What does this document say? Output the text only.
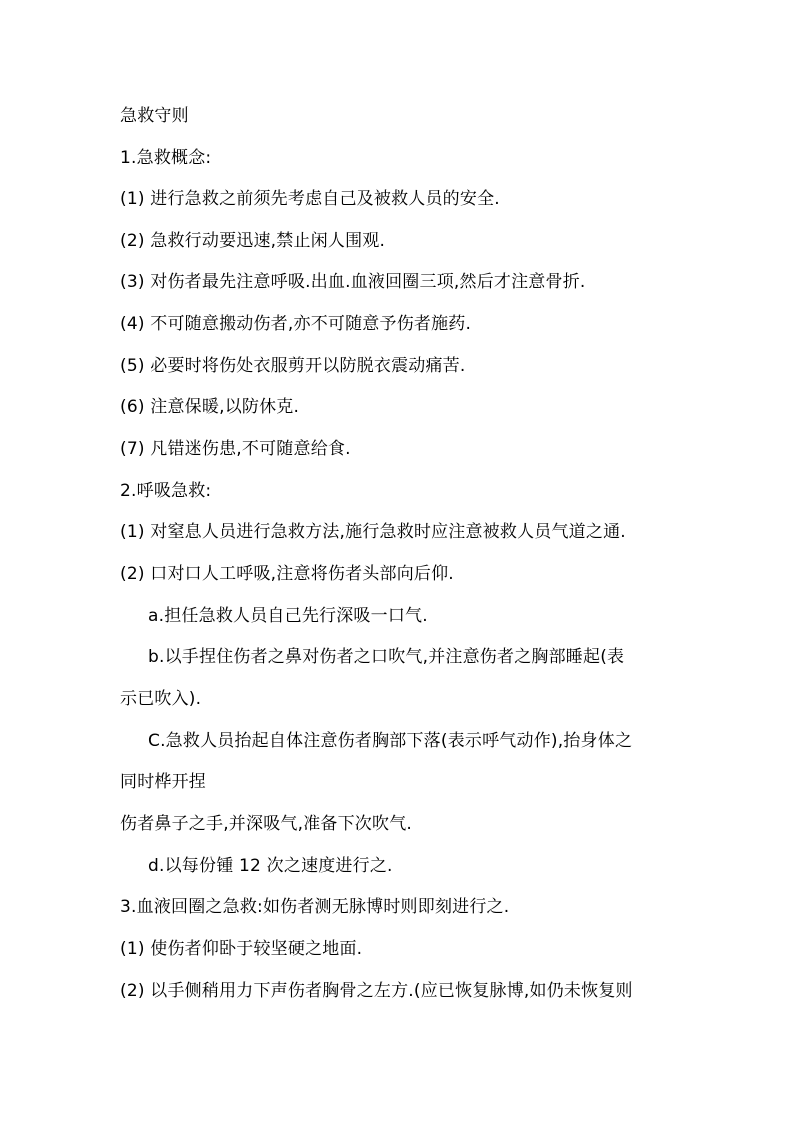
急救守则
1.急救概念:
(1) 进行急救之前须先考虑自己及被救人员的安全.
(2) 急救行动要迅速,禁止闲人围观.
(3) 对伤者最先注意呼吸.出血.血液回圈三项,然后才注意骨折.
(4) 不可随意搬动伤者,亦不可随意予伤者施药.
(5) 必要时将伤处衣服剪开以防脱衣震动痛苦.
(6) 注意保暖,以防休克.
(7) 凡错迷伤患,不可随意给食.
2.呼吸急救:
(1) 对窒息人员进行急救方法,施行急救时应注意被救人员气道之通.
(2) 口对口人工呼吸,注意将伤者头部向后仰.
a.担任急救人员自己先行深吸一口气.
b.以手捏住伤者之鼻对伤者之口吹气,并注意伤者之胸部睡起(表
示已吹入).
C.急救人员抬起自体注意伤者胸部下落(表示呼气动作),抬身体之
同时桦开捏
伤者鼻子之手,并深吸气,准备下次吹气.
d.以每份锺 12 次之速度进行之.
3.血液回圈之急救:如伤者测无脉博时则即刻进行之.
(1) 使伤者仰卧于较坚硬之地面.
(2) 以手侧稍用力下声伤者胸骨之左方.(应已恢复脉博,如仍未恢复则
